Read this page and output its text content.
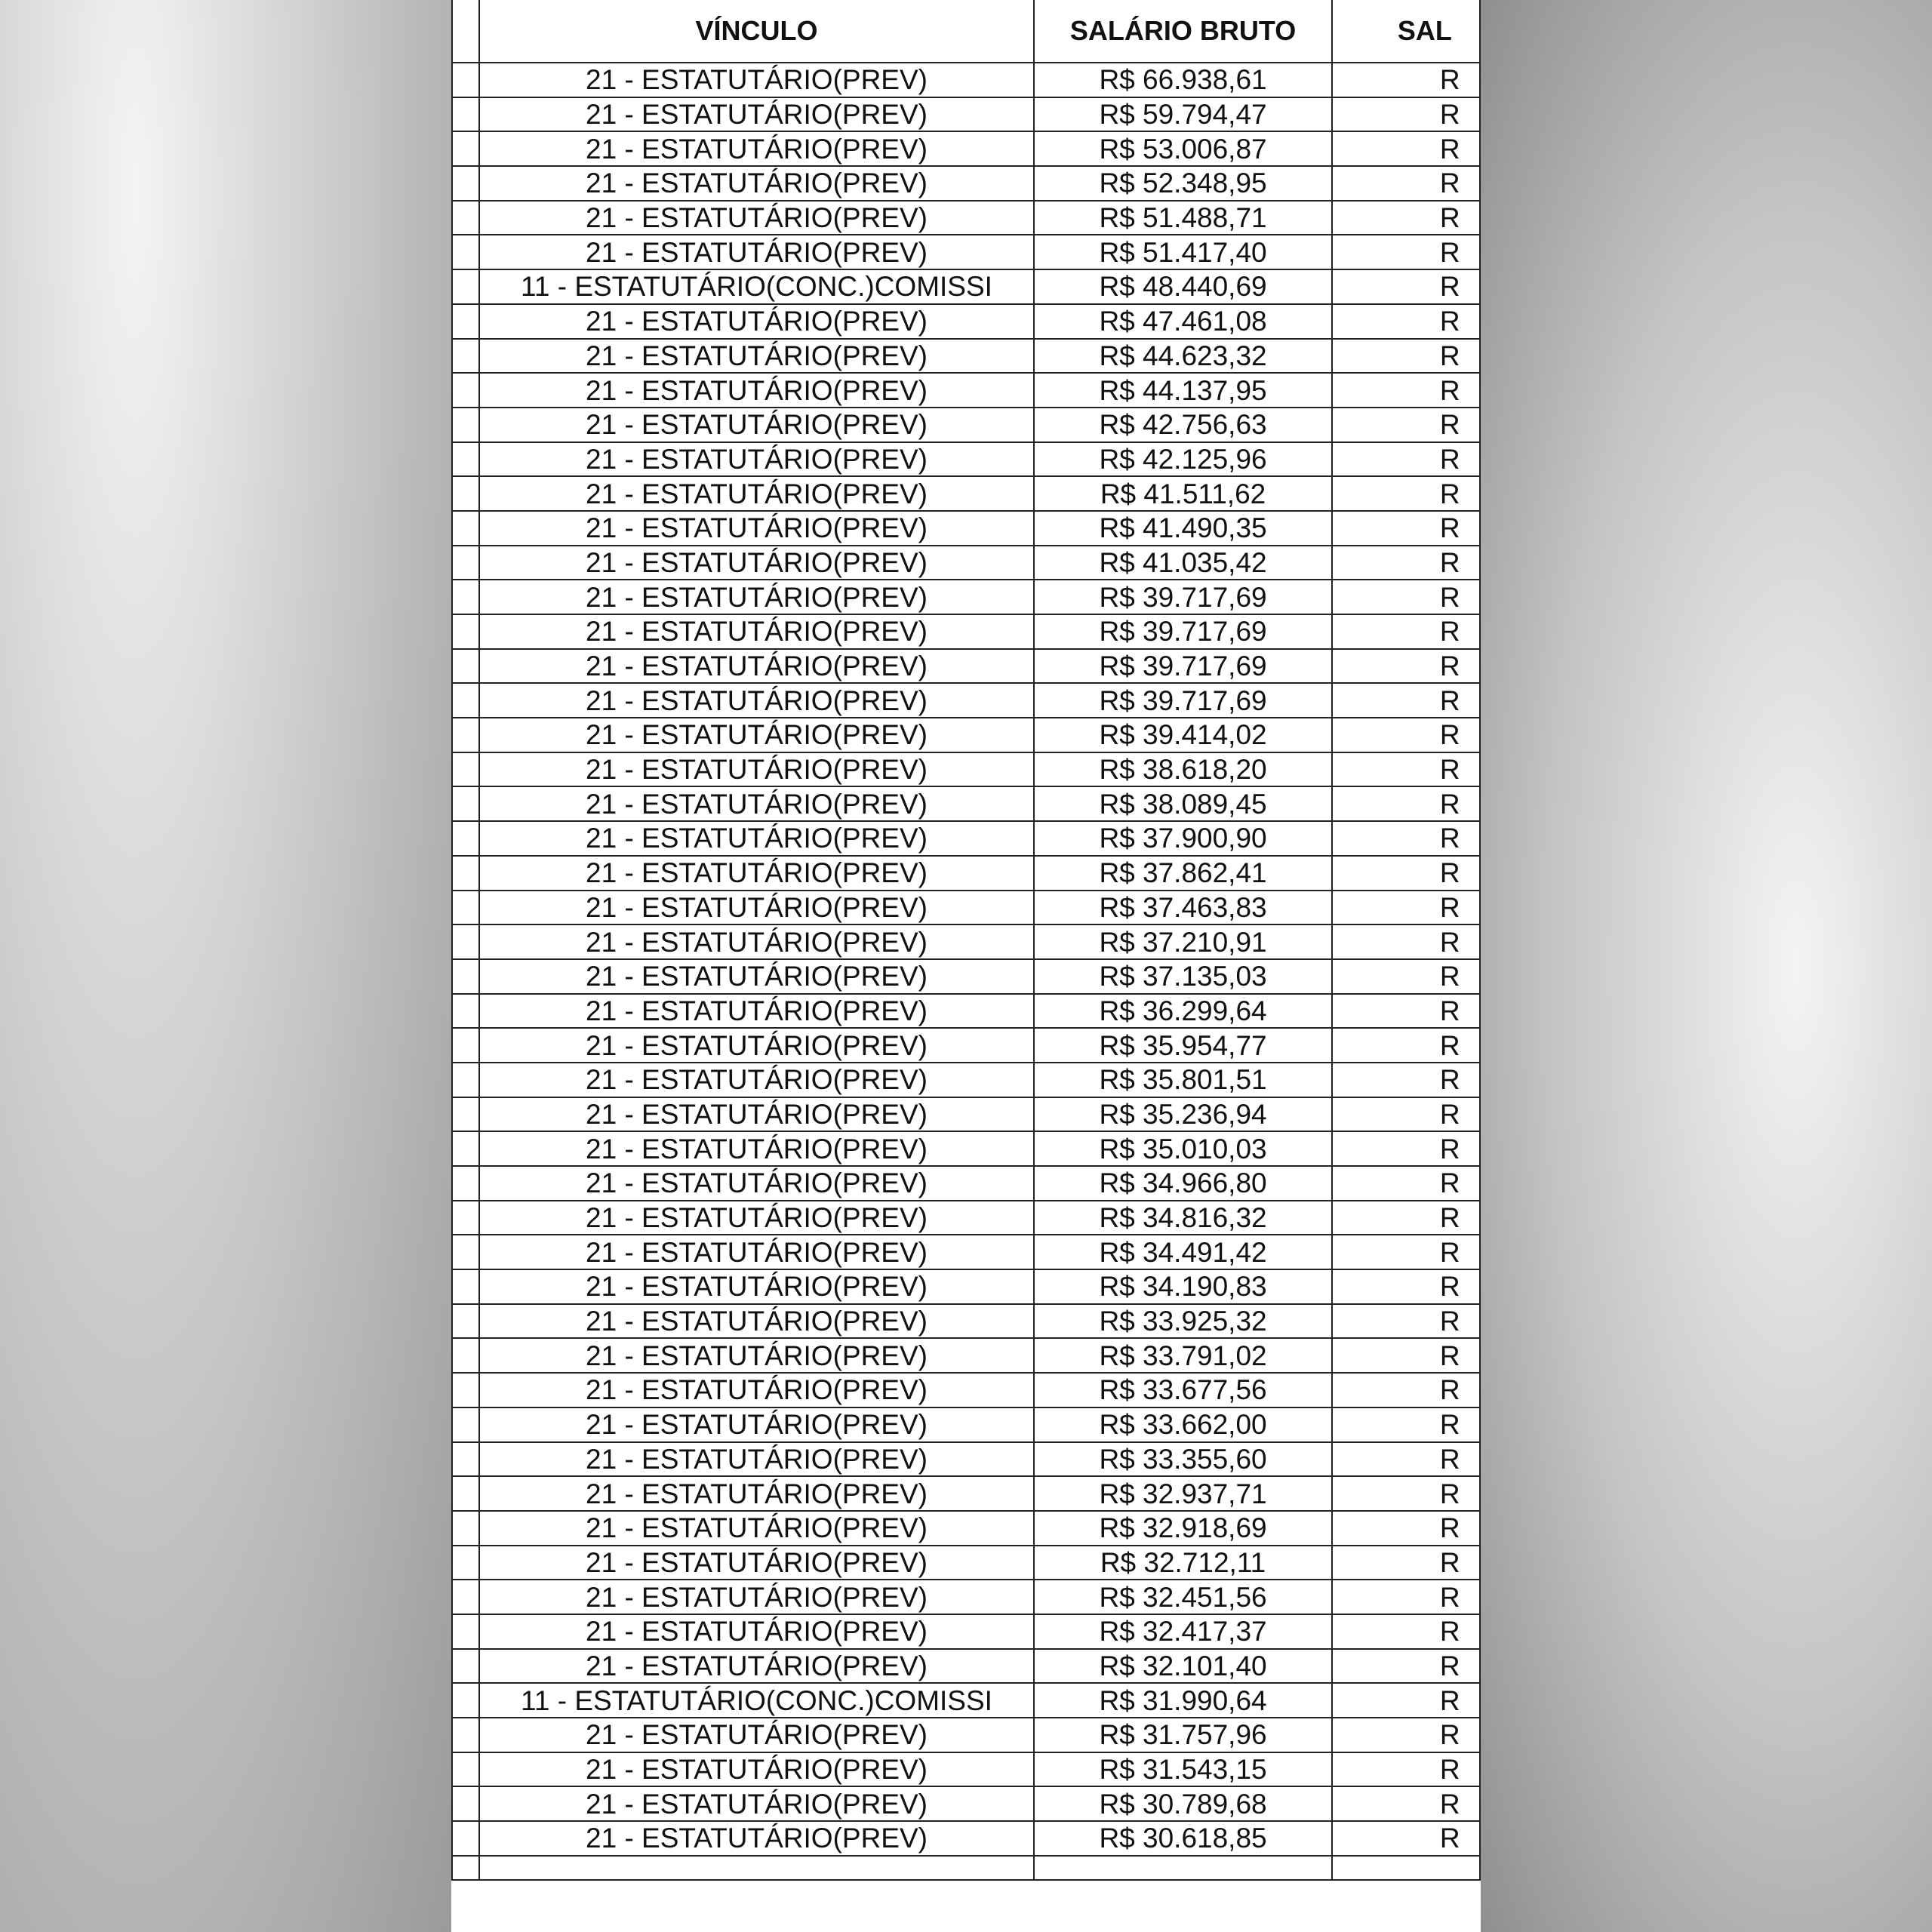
	VÍNCULO	SALÁRIO BRUTO	SAL
	21 - ESTATUTÁRIO(PREV)	R$ 66.938,61	R
	21 - ESTATUTÁRIO(PREV)	R$ 59.794,47	R
	21 - ESTATUTÁRIO(PREV)	R$ 53.006,87	R
	21 - ESTATUTÁRIO(PREV)	R$ 52.348,95	R
	21 - ESTATUTÁRIO(PREV)	R$ 51.488,71	R
	21 - ESTATUTÁRIO(PREV)	R$ 51.417,40	R
	11 - ESTATUTÁRIO(CONC.)COMISSI	R$ 48.440,69	R
	21 - ESTATUTÁRIO(PREV)	R$ 47.461,08	R
	21 - ESTATUTÁRIO(PREV)	R$ 44.623,32	R
	21 - ESTATUTÁRIO(PREV)	R$ 44.137,95	R
	21 - ESTATUTÁRIO(PREV)	R$ 42.756,63	R
	21 - ESTATUTÁRIO(PREV)	R$ 42.125,96	R
	21 - ESTATUTÁRIO(PREV)	R$ 41.511,62	R
	21 - ESTATUTÁRIO(PREV)	R$ 41.490,35	R
	21 - ESTATUTÁRIO(PREV)	R$ 41.035,42	R
	21 - ESTATUTÁRIO(PREV)	R$ 39.717,69	R
	21 - ESTATUTÁRIO(PREV)	R$ 39.717,69	R
	21 - ESTATUTÁRIO(PREV)	R$ 39.717,69	R
	21 - ESTATUTÁRIO(PREV)	R$ 39.717,69	R
	21 - ESTATUTÁRIO(PREV)	R$ 39.414,02	R
	21 - ESTATUTÁRIO(PREV)	R$ 38.618,20	R
	21 - ESTATUTÁRIO(PREV)	R$ 38.089,45	R
	21 - ESTATUTÁRIO(PREV)	R$ 37.900,90	R
	21 - ESTATUTÁRIO(PREV)	R$ 37.862,41	R
	21 - ESTATUTÁRIO(PREV)	R$ 37.463,83	R
	21 - ESTATUTÁRIO(PREV)	R$ 37.210,91	R
	21 - ESTATUTÁRIO(PREV)	R$ 37.135,03	R
	21 - ESTATUTÁRIO(PREV)	R$ 36.299,64	R
	21 - ESTATUTÁRIO(PREV)	R$ 35.954,77	R
	21 - ESTATUTÁRIO(PREV)	R$ 35.801,51	R
	21 - ESTATUTÁRIO(PREV)	R$ 35.236,94	R
	21 - ESTATUTÁRIO(PREV)	R$ 35.010,03	R
	21 - ESTATUTÁRIO(PREV)	R$ 34.966,80	R
	21 - ESTATUTÁRIO(PREV)	R$ 34.816,32	R
	21 - ESTATUTÁRIO(PREV)	R$ 34.491,42	R
	21 - ESTATUTÁRIO(PREV)	R$ 34.190,83	R
	21 - ESTATUTÁRIO(PREV)	R$ 33.925,32	R
	21 - ESTATUTÁRIO(PREV)	R$ 33.791,02	R
	21 - ESTATUTÁRIO(PREV)	R$ 33.677,56	R
	21 - ESTATUTÁRIO(PREV)	R$ 33.662,00	R
	21 - ESTATUTÁRIO(PREV)	R$ 33.355,60	R
	21 - ESTATUTÁRIO(PREV)	R$ 32.937,71	R
	21 - ESTATUTÁRIO(PREV)	R$ 32.918,69	R
	21 - ESTATUTÁRIO(PREV)	R$ 32.712,11	R
	21 - ESTATUTÁRIO(PREV)	R$ 32.451,56	R
	21 - ESTATUTÁRIO(PREV)	R$ 32.417,37	R
	21 - ESTATUTÁRIO(PREV)	R$ 32.101,40	R
	11 - ESTATUTÁRIO(CONC.)COMISSI	R$ 31.990,64	R
	21 - ESTATUTÁRIO(PREV)	R$ 31.757,96	R
	21 - ESTATUTÁRIO(PREV)	R$ 31.543,15	R
	21 - ESTATUTÁRIO(PREV)	R$ 30.789,68	R
	21 - ESTATUTÁRIO(PREV)	R$ 30.618,85	R
